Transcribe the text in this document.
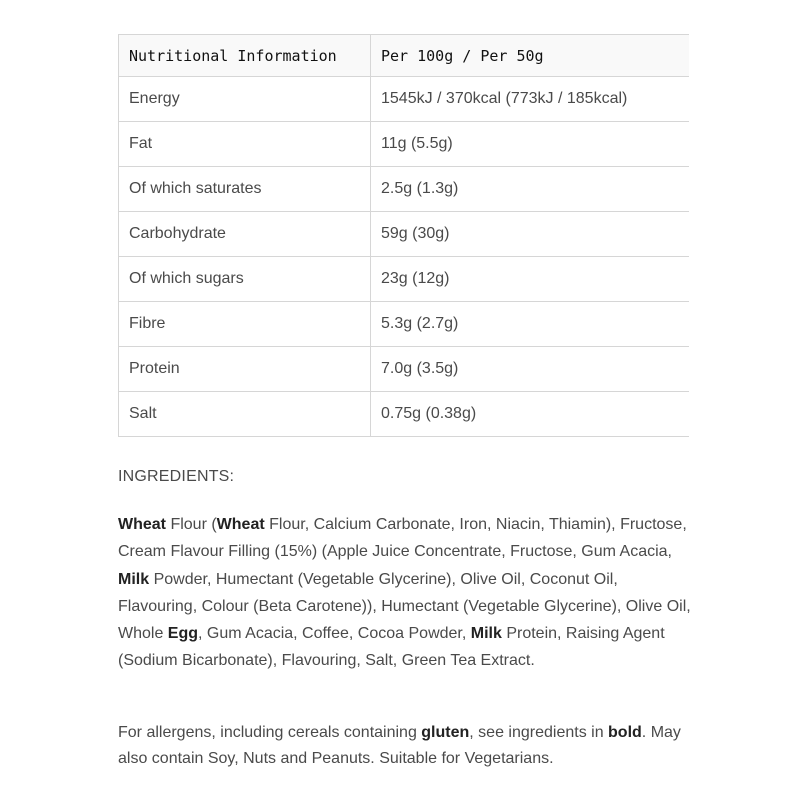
Nutritional Information	Per 100g / Per 50g
Energy	1545kJ / 370kcal (773kJ / 185kcal)
Fat	11g (5.5g)
Of which saturates	2.5g (1.3g)
Carbohydrate	59g (30g)
Of which sugars	23g (12g)
Fibre	5.3g (2.7g)
Protein	7.0g (3.5g)
Salt	0.75g (0.38g)
INGREDIENTS:

Wheat Flour (Wheat Flour, Calcium Carbonate, Iron, Niacin, Thiamin), Fructose, Cream Flavour Filling (15%) (Apple Juice Concentrate, Fructose, Gum Acacia, Milk Powder, Humectant (Vegetable Glycerine), Olive Oil, Coconut Oil, Flavouring, Colour (Beta Carotene)), Humectant (Vegetable Glycerine), Olive Oil, Whole Egg, Gum Acacia, Coffee, Cocoa Powder, Milk Protein, Raising Agent (Sodium Bicarbonate), Flavouring, Salt, Green Tea Extract.

For allergens, including cereals containing gluten, see ingredients in bold. May also contain Soy, Nuts and Peanuts. Suitable for Vegetarians.
